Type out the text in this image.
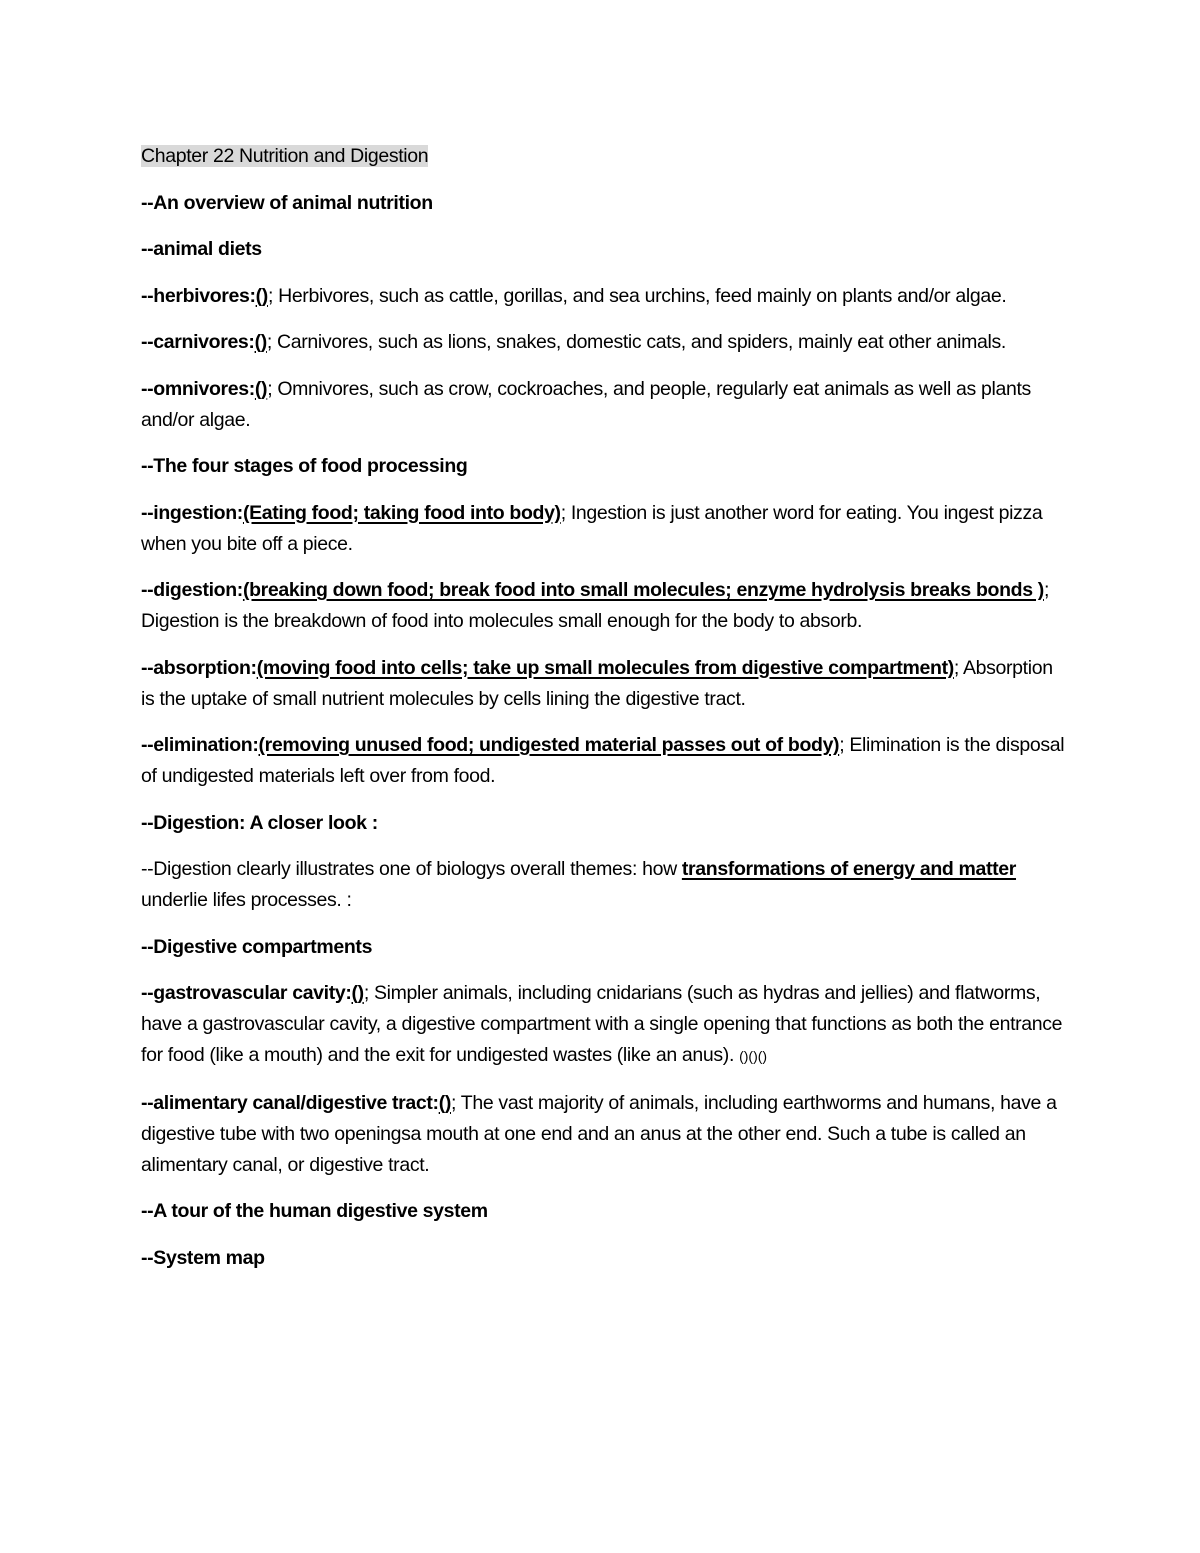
Chapter 22 Nutrition and Digestion

--An overview of animal nutrition

--animal diets

--herbivores:(); Herbivores, such as cattle, gorillas, and sea urchins, feed mainly on plants and/or algae.

--carnivores:(); Carnivores, such as lions, snakes, domestic cats, and spiders, mainly eat other animals.

--omnivores:(); Omnivores, such as crow, cockroaches, and people, regularly eat animals as well as plants and/or algae.

--The four stages of food processing

--ingestion:(Eating food; taking food into body); Ingestion is just another word for eating. You ingest pizza when you bite off a piece.

--digestion:(breaking down food; break food into small molecules; enzyme hydrolysis breaks bonds ); Digestion is the breakdown of food into molecules small enough for the body to absorb.

--absorption:(moving food into cells; take up small molecules from digestive compartment); Absorption is the uptake of small nutrient molecules by cells lining the digestive tract.

--elimination:(removing unused food; undigested material passes out of body); Elimination is the disposal of undigested materials left over from food.

--Digestion: A closer look :

--Digestion clearly illustrates one of biologys overall themes: how transformations of energy and matter underlie lifes processes. :

--Digestive compartments

--gastrovascular cavity:(); Simpler animals, including cnidarians (such as hydras and jellies) and flatworms, have a gastrovascular cavity, a digestive compartment with a single opening that functions as both the entrance for food (like a mouth) and the exit for undigested wastes (like an anus). ()()()

--alimentary canal/digestive tract:(); The vast majority of animals, including earthworms and humans, have a digestive tube with two openingsa mouth at one end and an anus at the other end. Such a tube is called an alimentary canal, or digestive tract.

--A tour of the human digestive system

--System map
